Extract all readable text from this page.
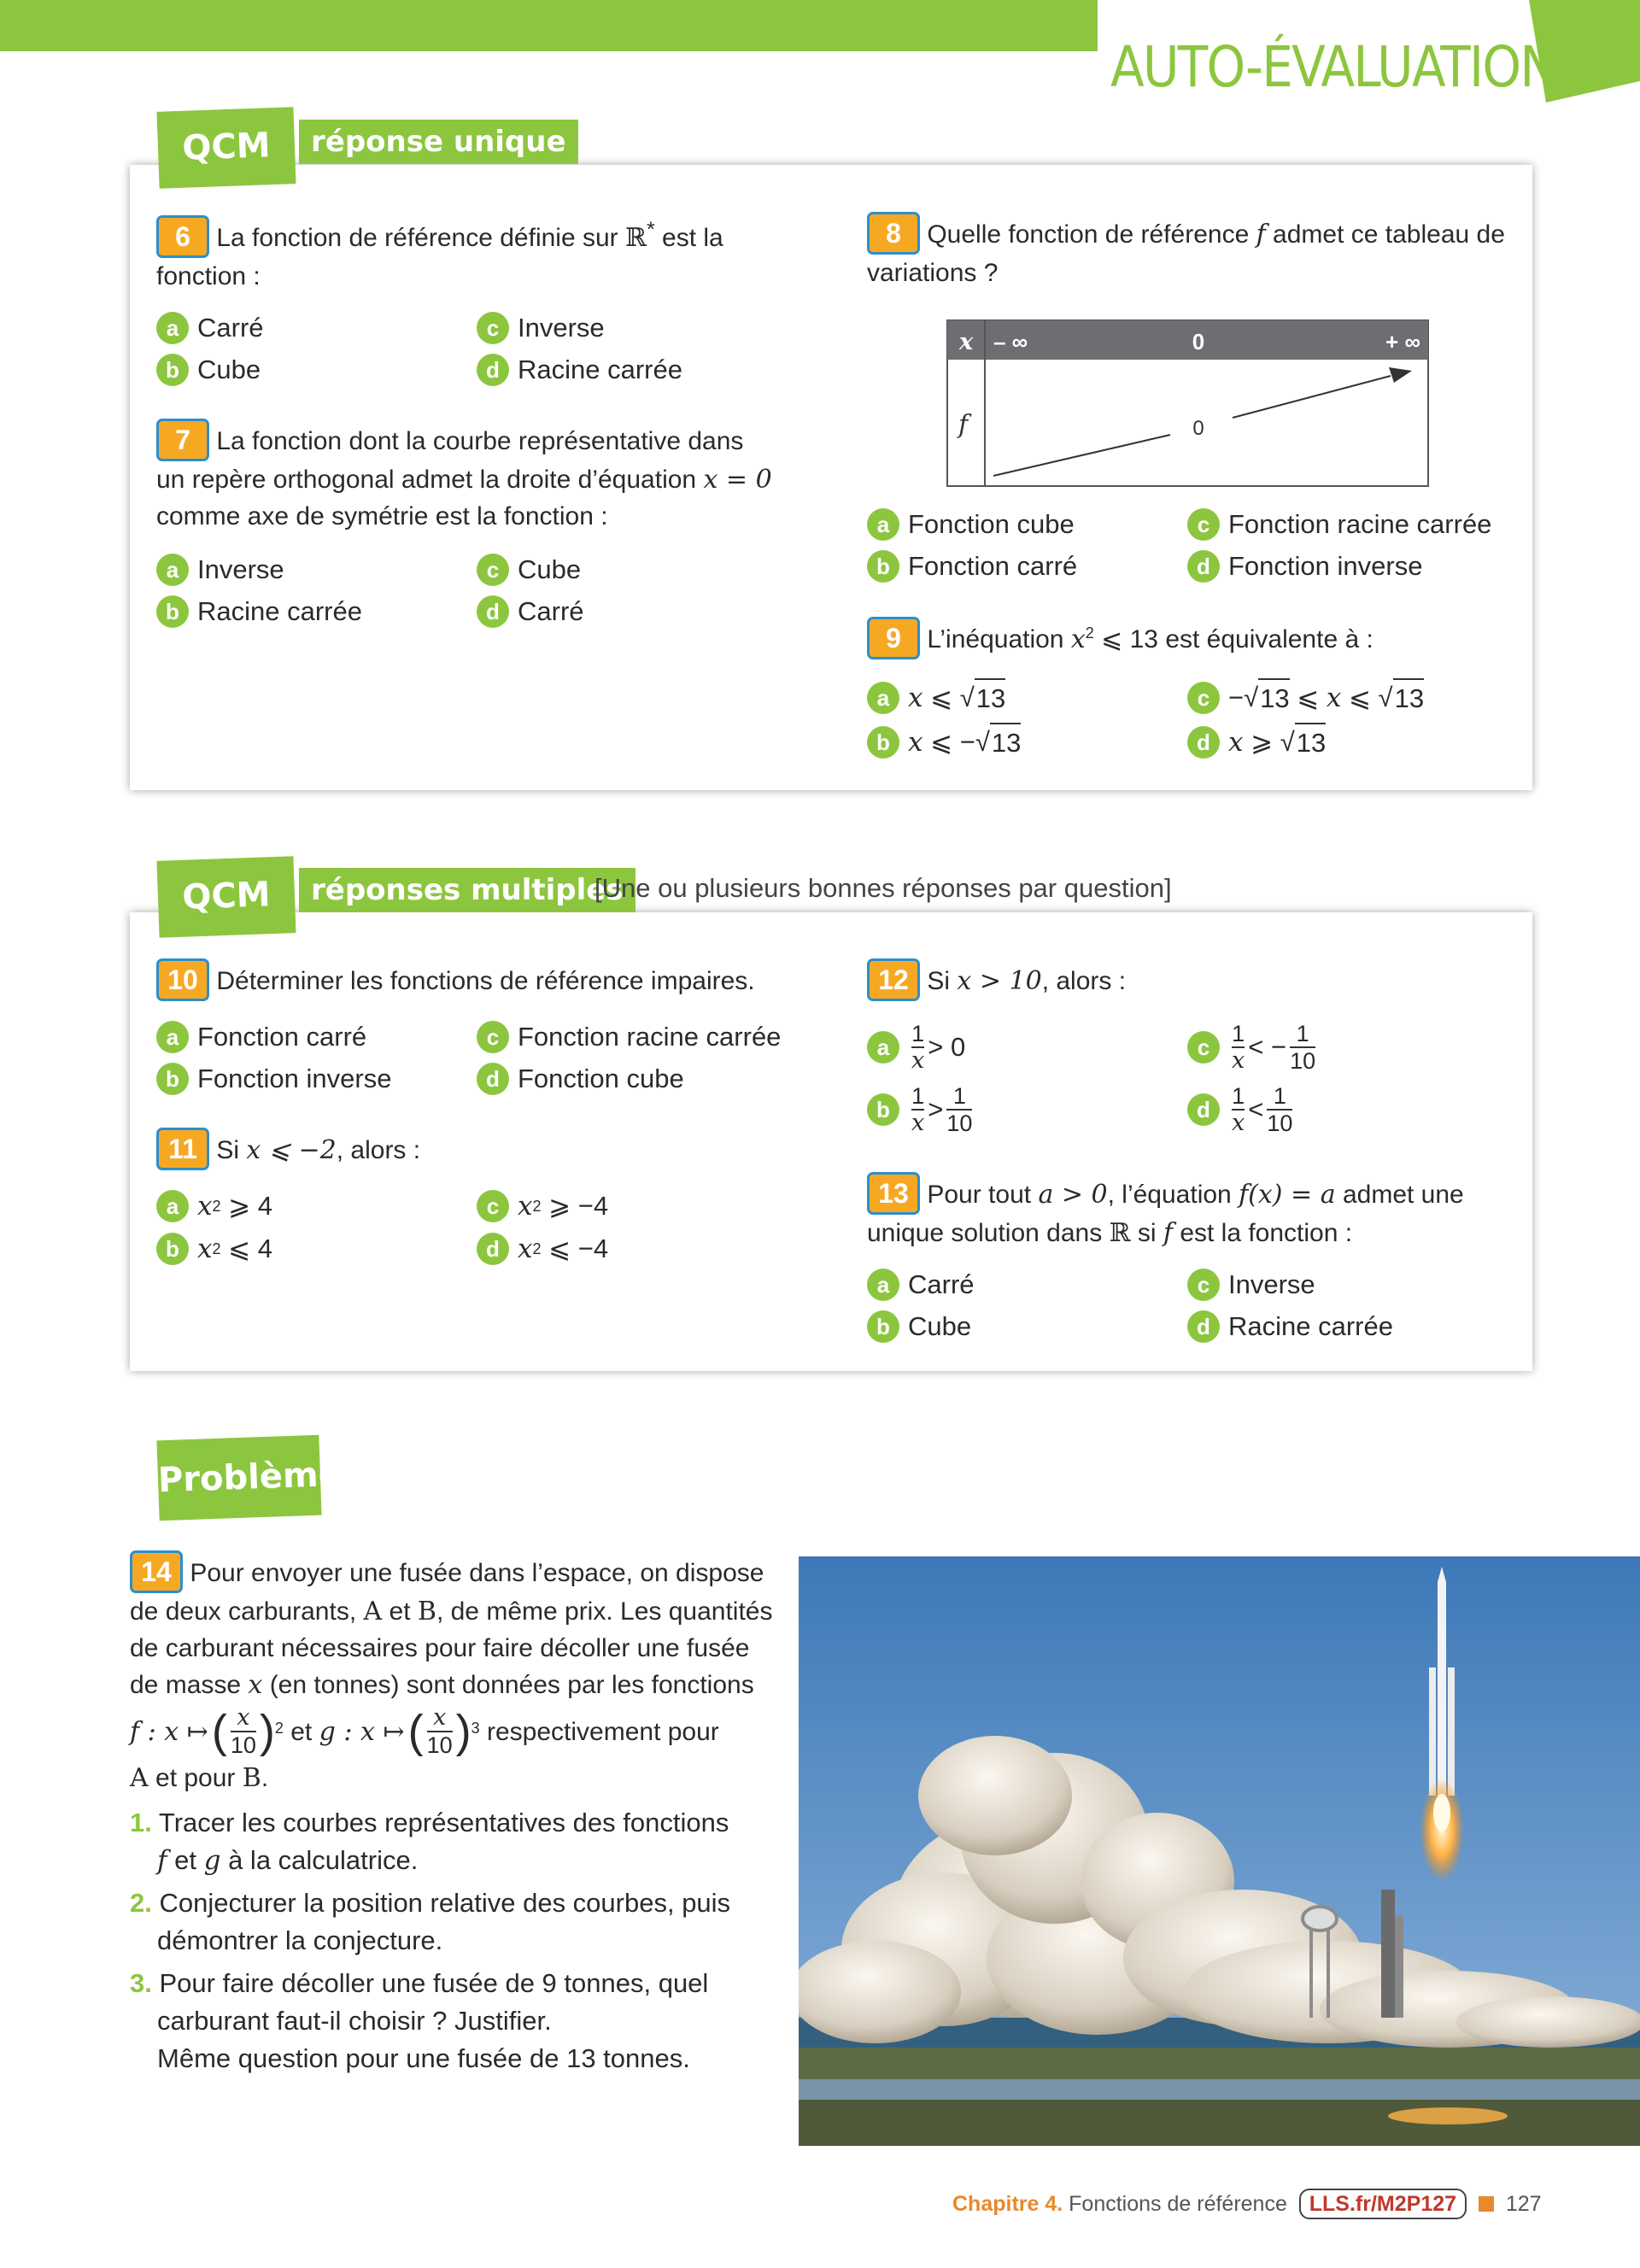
AUTO-ÉVALUATION
QCM	réponse unique
6 La fonction de référence définie sur ℝ* est la
fonction :
a Carré
b Cube
c Inverse
d Racine carrée
7 La fonction dont la courbe représentative dans
un repère orthogonal admet la droite d’équation x = 0
comme axe de symétrie est la fonction :
a Inverse
b Racine carrée
c Cube
d Carré
8 Quelle fonction de référence f admet ce tableau de
variations ?
x – ∞	0	+ ∞
f	0
a Fonction cube
b Fonction carré
c Fonction racine carrée
d Fonction inverse
9 L’inéquation $x^2$ ⩽ 13 est équivalente à :
a x
⩽ √ 13
b x
⩽ − √ 13
c − √ 13
⩽
x
⩽ √ 13
d x
⩾ √ 13
QCM	réponses multiples
[Une ou plusieurs bonnes réponses par question]
10 Déterminer les fonctions de référence impaires.
a Fonction carré
b Fonction inverse
c Fonction racine carrée
d Fonction cube
11 Si x ⩽ −2, alors :
a x 2
⩾ 4
b x 2
⩽ 4
c x 2
⩾ −4
d x 2
⩽ −4
12 Si x > 10, alors :
a $\frac{1}{x} > 0$
b $\frac{1}{x} > \frac{1}{10}$
c $\frac{1}{x}$ < − $\frac{1}{10}$
d $\frac{1}{x} < \frac{1}{10}$
13 Pour tout a > 0, l’équation f(x) = a admet une
unique solution dans ℝ si f est la fonction :
a Carré
b Cube
c Inverse
d Racine carrée
Problème
14 Pour envoyer une fusée dans l’espace, on dispose
de deux carburants, A et B, de même prix. Les quantités
de carburant nécessaires pour faire décoller une fusée
de masse x (en tonnes) sont données par les fonctions
f : x ↦ ( $\frac{x}{10}$ ) 2
et
g : x ↦ ( $\frac{x}{10}$ ) 3
respectivement pour
A et pour B.
1. Tracer les courbes représentatives des fonctions
f et g à la calculatrice.
2. Conjecturer la position relative des courbes, puis
démontrer la conjecture.
3. Pour faire décoller une fusée de 9 tonnes, quel
carburant faut-il choisir ? Justifier.
Même question pour une fusée de 13 tonnes.
Chapitre 4.
Fonctions de référence
	LLS.fr/M2P127

	127
